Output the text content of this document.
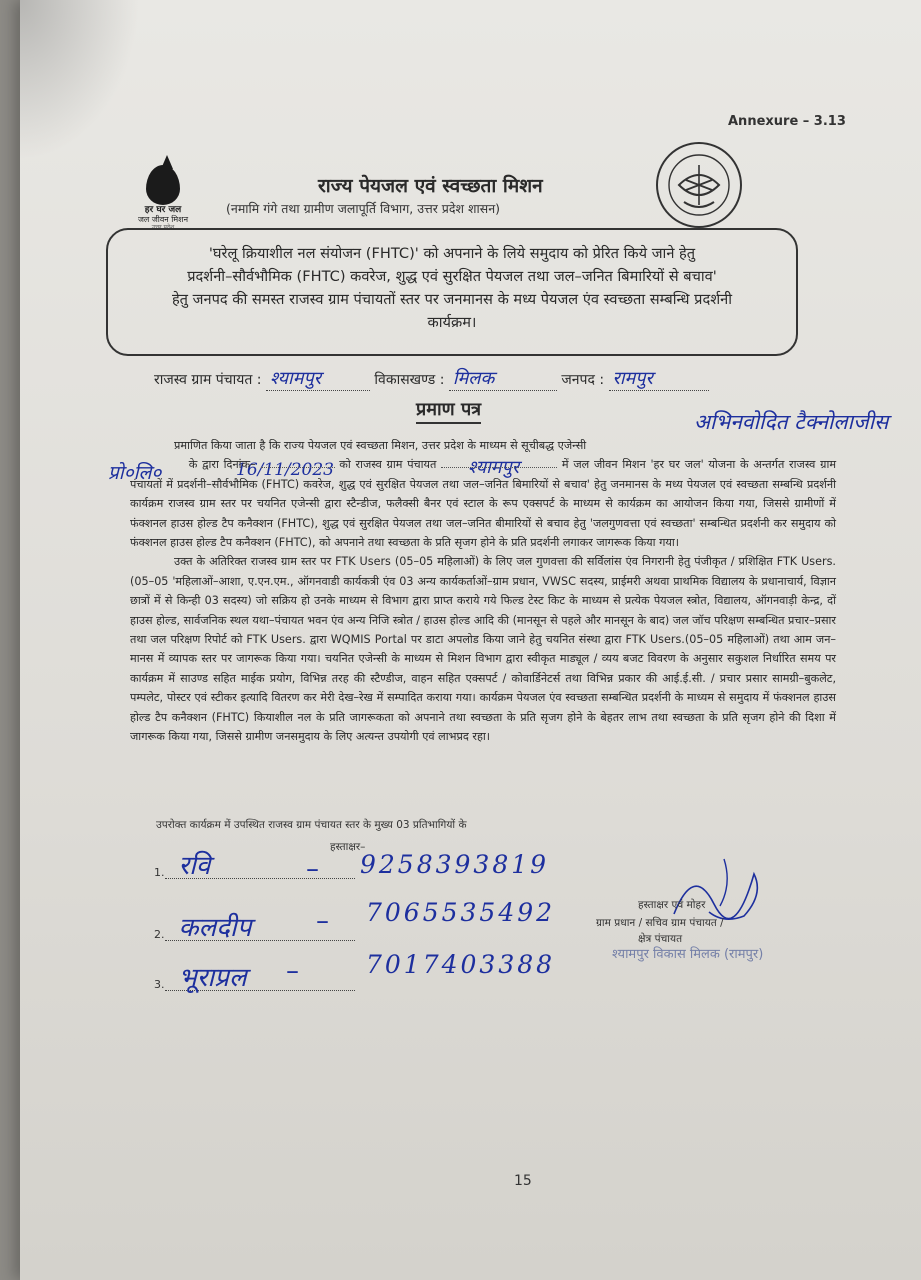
Annexure – 3.13
हर घर जल
जल जीवन मिशन
उत्तर प्रदेश
राज्य पेयजल एवं स्वच्छता मिशन
(नमामि गंगे तथा ग्रामीण जलापूर्ति विभाग, उत्तर प्रदेश शासन)
'घरेलू क्रियाशील नल संयोजन (FHTC)' को अपनाने के लिये समुदाय को प्रेरित किये जाने हेतु
प्रदर्शनी–सौर्वभौमिक (FHTC) कवरेज, शुद्ध एवं सुरक्षित पेयजल तथा जल–जनित बिमारियों से बचाव'
हेतु जनपद की समस्त राजस्व ग्राम पंचायतों स्तर पर जनमानस के मध्य पेयजल एंव स्वच्छता सम्बन्धि प्रदर्शनी
कार्यक्रम।
राजस्व ग्राम पंचायत : श्यामपुर	विकासखण्ड : मिलक	जनपद : रामपुर
प्रमाण पत्र
अभिनवोदित टैक्नोलाजीस
प्रो०लि०	16/11/2023	श्यामपुर

प्रमाणित किया जाता है कि राज्य पेयजल एवं स्वच्छता मिशन, उत्तर प्रदेश के माध्यम से सूचीबद्ध एजेन्सी
के द्वारा दिनांक–	को राजस्व ग्राम पंचायत	में जल जीवन मिशन 'हर घर जल' योजना के अन्तर्गत राजस्व ग्राम पंचायतों में प्रदर्शनी–सौर्वभौमिक (FHTC) कवरेज, शुद्ध एवं सुरक्षित पेयजल तथा जल–जनित बिमारियों से बचाव' हेतु जनमानस के मध्य पेयजल एवं स्वच्छता सम्बन्धि प्रदर्शनी कार्यक्रम राजस्व ग्राम स्तर पर चयनित एजेन्सी द्वारा स्टैन्डीज, फलैक्सी बैनर एवं स्टाल के रूप एक्सपर्ट के माध्यम से कार्यक्रम का आयोजन किया गया, जिससे ग्रामीणों में फंक्शनल हाउस होल्ड टैप कनैक्शन (FHTC), शुद्ध एवं सुरक्षित पेयजल तथा जल–जनित बीमारियों से बचाव हेतु 'जलगुणवत्ता एवं स्वच्छता' सम्बन्धित प्रदर्शनी कर समुदाय को फंक्शनल हाउस होल्ड टैप कनैक्शन (FHTC), को अपनाने तथा स्वच्छता के प्रति सृजग होने के प्रति प्रदर्शनी लगाकर जागरूक किया गया।

उक्त के अतिरिक्त राजस्व ग्राम स्तर पर FTK Users (05–05 महिलाओं) के लिए जल गुणवत्ता की सर्विलांस एंव निगरानी हेतु पंजीकृत / प्रशिक्षित FTK Users.(05–05 'महिलाओं–आशा, ए.एन.एम., ऑगनवाडी कार्यकत्री एंव 03 अन्य कार्यकर्ताओं–ग्राम प्रधान, VWSC सदस्य, प्राईमरी अथवा प्राथमिक विद्यालय के प्रधानाचार्य, विज्ञान छात्रों में से किन्ही 03 सदस्य) जो सक्रिय हो उनके माध्यम से विभाग द्वारा प्राप्त कराये गये फिल्ड टेस्ट किट के माध्यम से प्रत्येक पेयजल स्त्रोत, विद्यालय, ऑगनवाड़ी केन्द्र, दों हाउस होल्ड, सार्वजनिक स्थल यथा–पंचायत भवन एंव अन्य निजि स्त्रोत / हाउस होल्ड आदि की (मानसून से पहले और मानसून के बाद) जल जॉच परिक्षण सम्बन्धित प्रचार–प्रसार तथा जल परिक्षण रिपोर्ट को FTK Users. द्वारा WQMIS Portal पर डाटा अपलोड किया जाने हेतु चयनित संस्था द्वारा FTK Users.(05–05 महिलाओं) तथा आम जन–मानस में व्यापक स्तर पर जागरूक किया गया। चयनित एजेन्सी के माध्यम से मिशन विभाग द्वारा स्वीकृत माड्यूल / व्यय बजट विवरण के अनुसार सकुशल निर्धारित समय पर कार्यक्रम में साउण्ड सहित माईक प्रयोग, विभिन्न तरह की स्टैण्डीज, वाहन सहित एक्सपर्ट / कोवार्डिनेटर्स तथा विभिन्न प्रकार की आई.ई.सी. / प्रचार प्रसार सामग्री–बुकलेट, पम्पलेट, पोस्टर एवं स्टीकर इत्यादि वितरण कर मेरी देख–रेख में सम्पादित कराया गया। कार्यक्रम पेयजल एंव स्वच्छता सम्बन्धित प्रदर्शनी के माध्यम से समुदाय में फंक्शनल हाउस होल्ड टैप कनैक्शन (FHTC) कियाशील नल के प्रति जागरूकता को अपनाने तथा स्वच्छता के प्रति सृजग होने के बेहतर लाभ तथा स्वच्छता के प्रति सृजग होने की दिशा में जागरूक किया गया, जिससे ग्रामीण जनसमुदाय के लिए अत्यन्त उपयोगी एवं लाभप्रद रहा।

उपरोक्त कार्यक्रम में उपस्थित राजस्व ग्राम पंचायत स्तर के मुख्य 03 प्रतिभागियों के
हस्ताक्षर–
1. रवि	– 9258393819
2. कलदीप – 7065535492
3. भूराप्रल –	7017403388
हस्ताक्षर एवं मोहर
ग्राम प्रधान / सचिव ग्राम पंचायत /
क्षेत्र पंचायत
श्यामपुर विकास मिलक (रामपुर)
15
